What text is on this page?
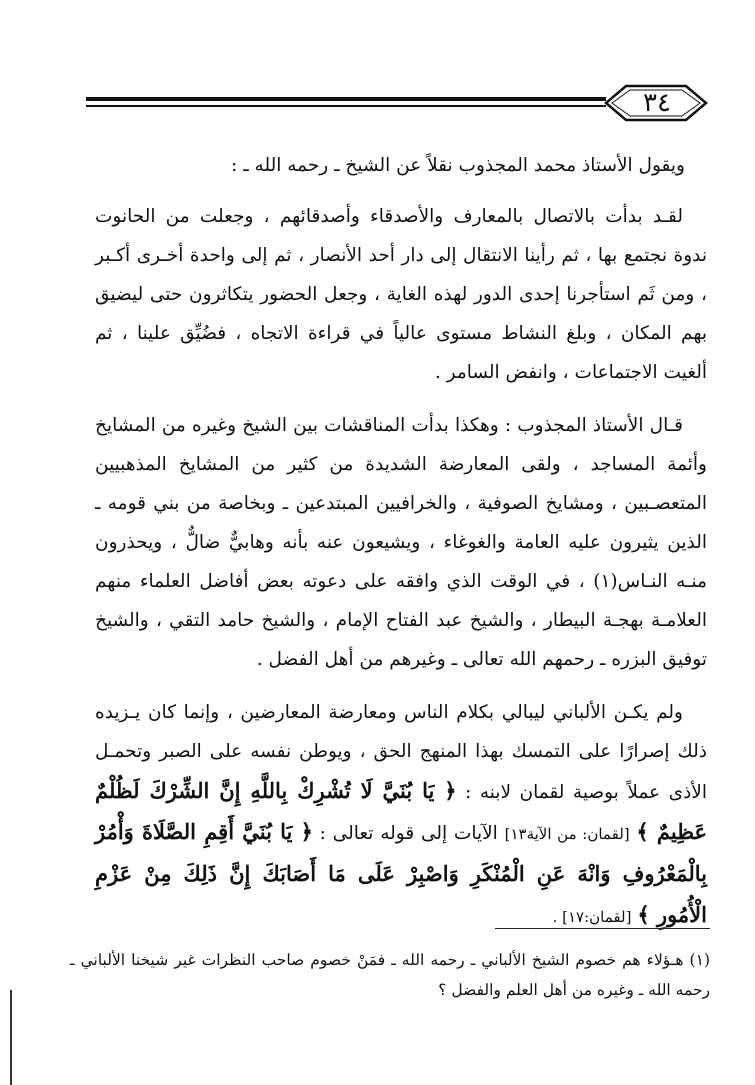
٣٤

ويقول الأستاذ محمد المجذوب نقلاً عن الشيخ ـ رحمه الله ـ :

لقـد بدأت بالاتصال بالمعارف والأصدقاء وأصدقائهم ، وجعلت من الحانوت ندوة نجتمع بها ، ثم رأينا الانتقال إلى دار أحد الأنصار ، ثم إلى واحدة أخـرى أكـبر ، ومن ثَم استأجرنا إحدى الدور لهذه الغاية ، وجعل الحضور يتكاثرون حتى ليضيق بهم المكان ، وبلغ النشاط مستوى عالياً في قراءة الاتجاه ، فضُيِّق علينا ، ثم ألغيت الاجتماعات ، وانفض السامر .

قـال الأستاذ المجذوب : وهكذا بدأت المناقشات بين الشيخ وغيره من المشايخ وأئمة المساجد ، ولقى المعارضة الشديدة من كثير من المشايخ المذهبيين المتعصـبين ، ومشايخ الصوفية ، والخرافيين المبتدعين ـ وبخاصة من بني قومه ـ الذين يثيرون عليه العامة والغوغاء ، ويشيعون عنه بأنه وهابيٌّ ضالٌّ ، ويحذرون منـه النـاس(١) ، في الوقت الذي وافقه على دعوته بعض أفاضل العلماء منهم العلامـة بهجـة البيطار ، والشيخ عبد الفتاح الإمام ، والشيخ حامد التقي ، والشيخ توفيق البزره ـ رحمهم الله تعالى ـ وغيرهم من أهل الفضل .

ولم يكـن الألباني ليبالي بكلام الناس ومعارضة المعارضين ، وإنما كان يـزيده ذلك إصرارًا على التمسك بهذا المنهج الحق ، ويوطن نفسه على الصبر وتحمـل الأذى عملاً بوصية لقمان لابنه : ﴿ يَا بُنَيَّ لَا تُشْرِكْ بِاللَّهِ إِنَّ الشِّرْكَ لَظُلْمٌ عَظِيمٌ ﴾ [لقمان: من الآية١٣] الآيات إلى قوله تعالى : ﴿ يَا بُنَيَّ أَقِمِ الصَّلَاةَ وَأْمُرْ بِالْمَعْرُوفِ وَانْهَ عَنِ الْمُنْكَرِ وَاصْبِرْ عَلَى مَا أَصَابَكَ إِنَّ ذَلِكَ مِنْ عَزْمِ الْأُمُورِ ﴾ [لقمان:١٧] .

(١) هـؤلاء هم خصوم الشيخ الألباني ـ رحمه الله ـ فمَنْ خصوم صاحب النظرات غير شيخنا الألباني ـ رحمه الله ـ وغيره من أهل العلم والفضل ؟
